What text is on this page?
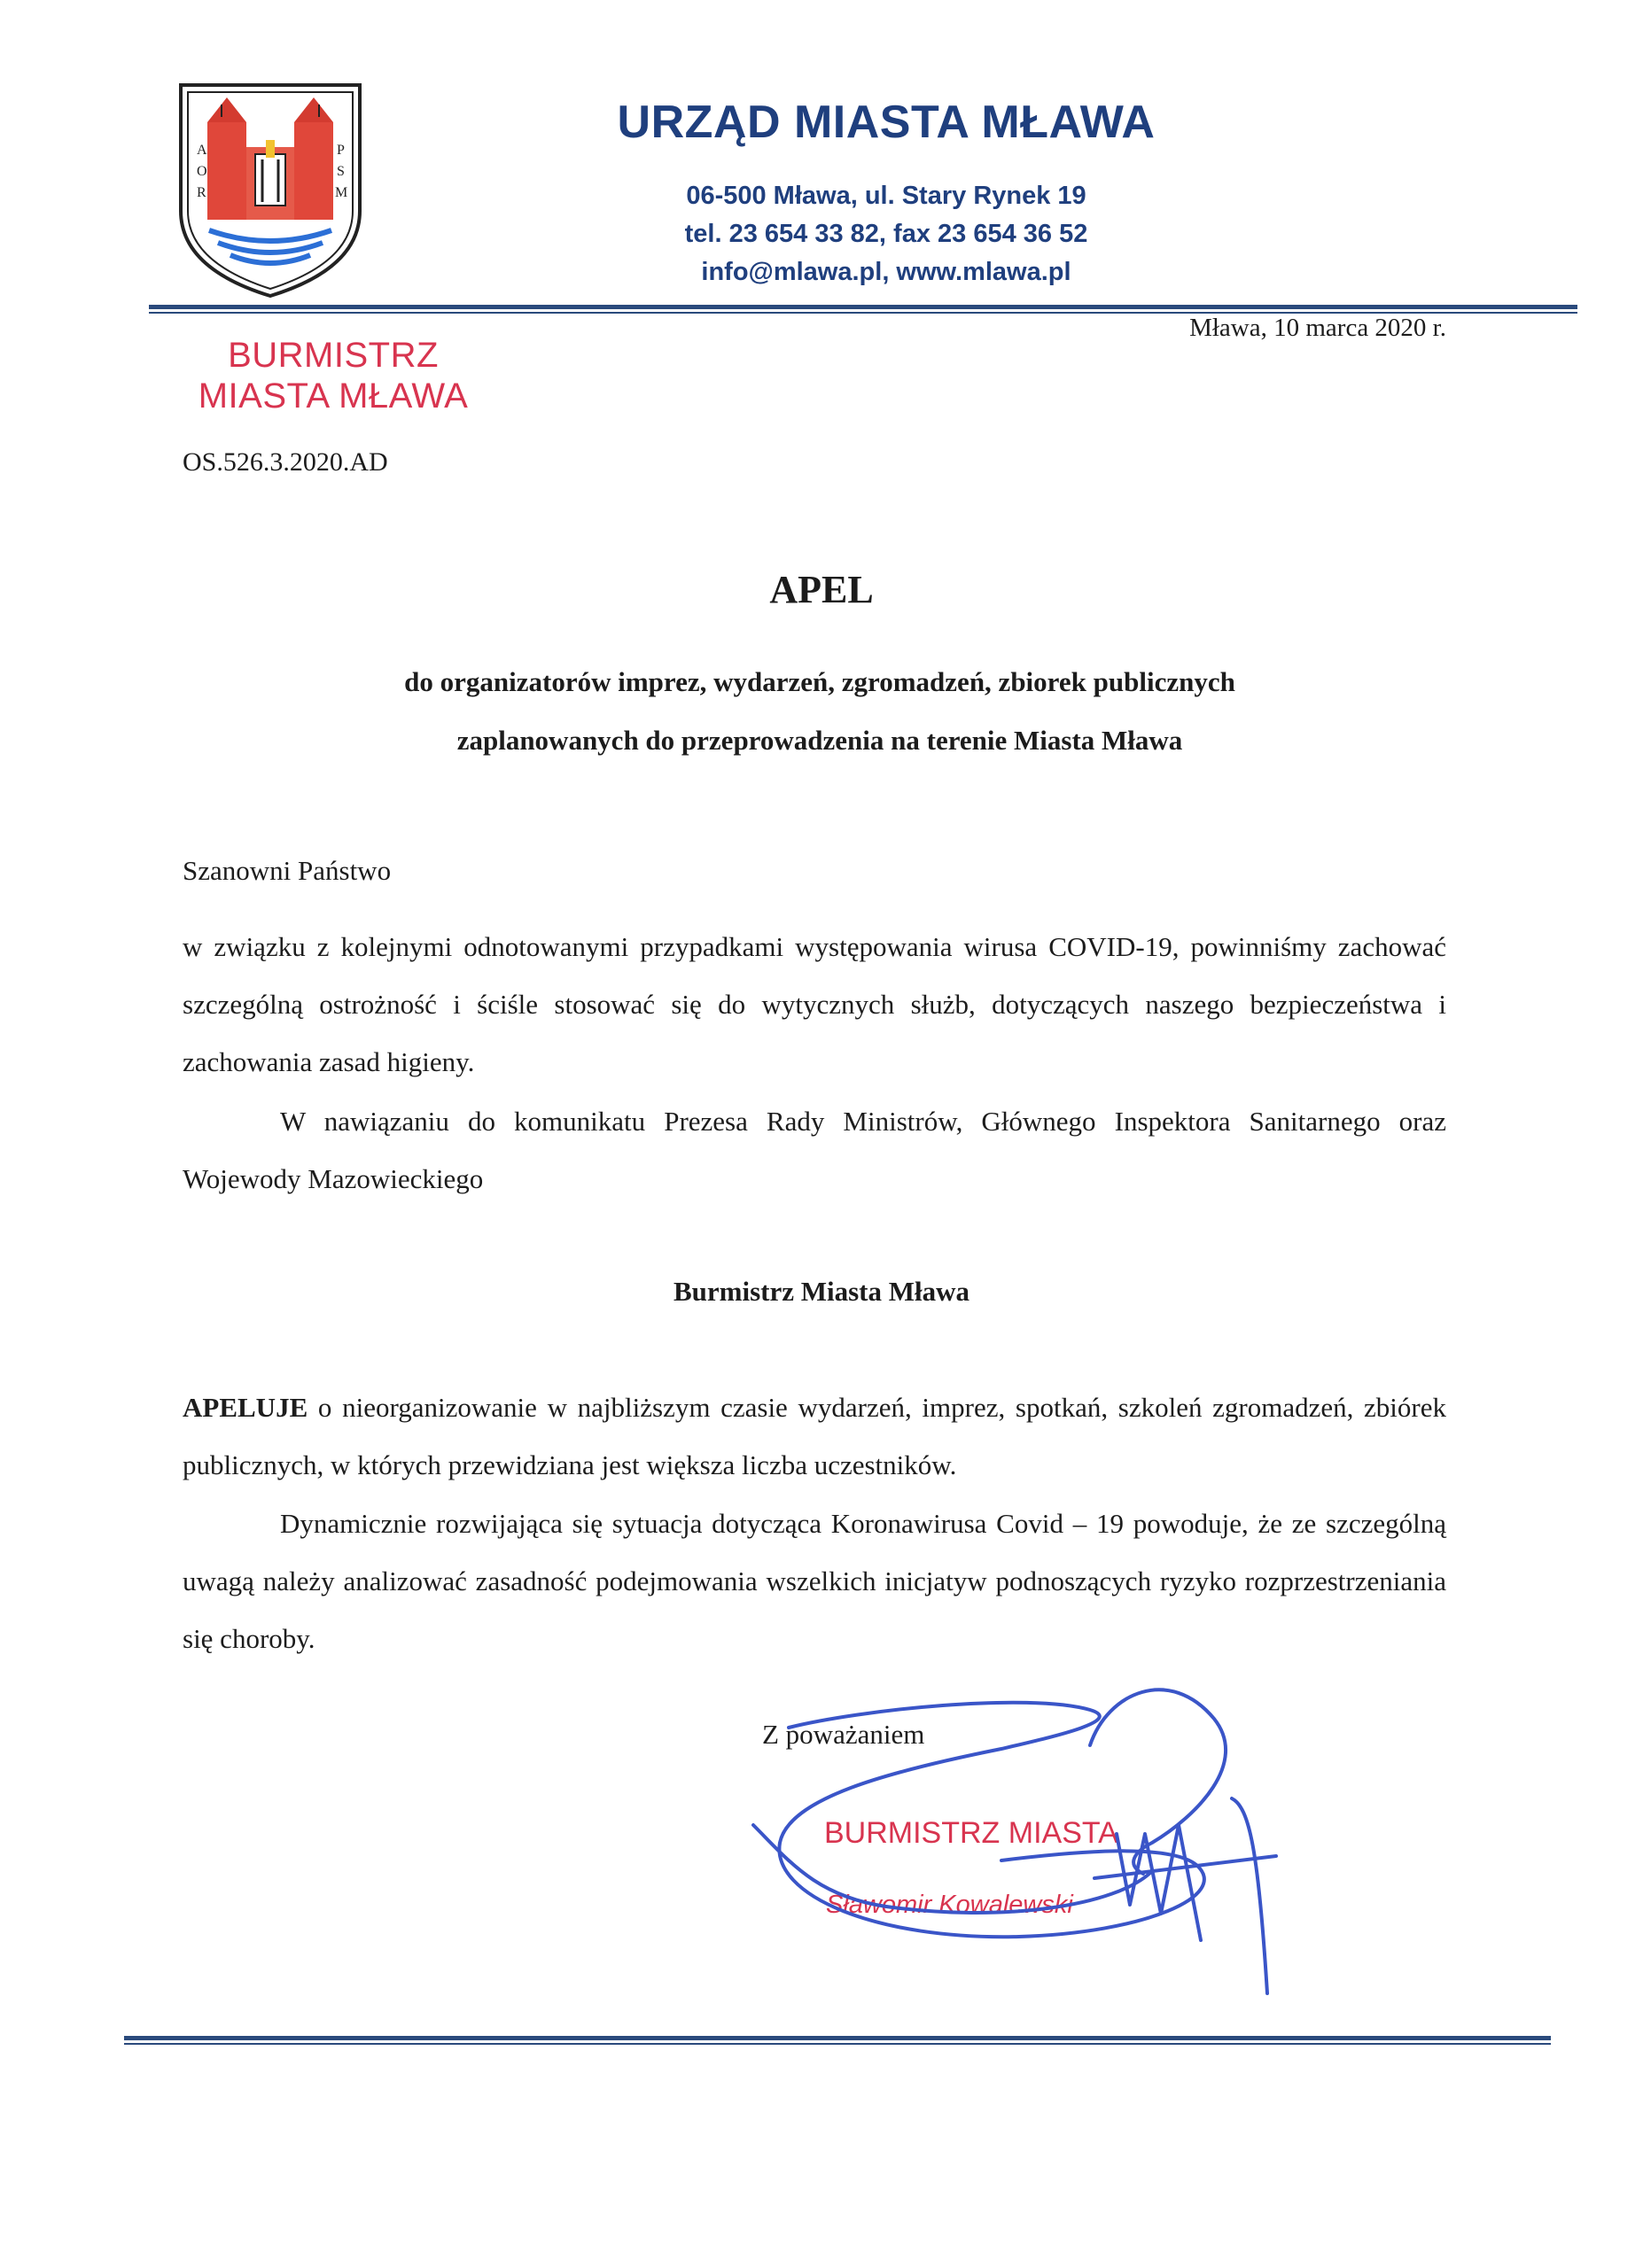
A
O
R
P
S
M
URZĄD MIASTA MŁAWA
06-500 Mława, ul. Stary Rynek 19
tel. 23 654 33 82, fax 23 654 36 52
info@mlawa.pl, www.mlawa.pl
Mława, 10 marca 2020 r.
BURMISTRZ
MIASTA MŁAWA
OS.526.3.2020.AD
APEL
do organizatorów imprez, wydarzeń, zgromadzeń, zbiorek publicznych
zaplanowanych do przeprowadzenia na terenie Miasta Mława
Szanowni Państwo

w związku z kolejnymi odnotowanymi przypadkami występowania wirusa COVID-19, powinniśmy zachować szczególną ostrożność i ściśle stosować się do wytycznych służb, dotyczących naszego bezpieczeństwa i zachowania zasad higieny.

W nawiązaniu do komunikatu Prezesa Rady Ministrów, Głównego Inspektora Sanitarnego oraz Wojewody Mazowieckiego

Burmistrz Miasta Mława

APELUJE o nieorganizowanie w najbliższym czasie wydarzeń, imprez, spotkań, szkoleń zgromadzeń, zbiórek publicznych, w których przewidziana jest większa liczba uczestników.

Dynamicznie rozwijająca się sytuacja dotycząca Koronawirusa Covid – 19 powoduje, że ze szczególną uwagą należy analizować zasadność podejmowania wszelkich inicjatyw podnoszących ryzyko rozprzestrzeniania się choroby.

Z poważaniem
BURMISTRZ MIASTA
Sławomir Kowalewski
